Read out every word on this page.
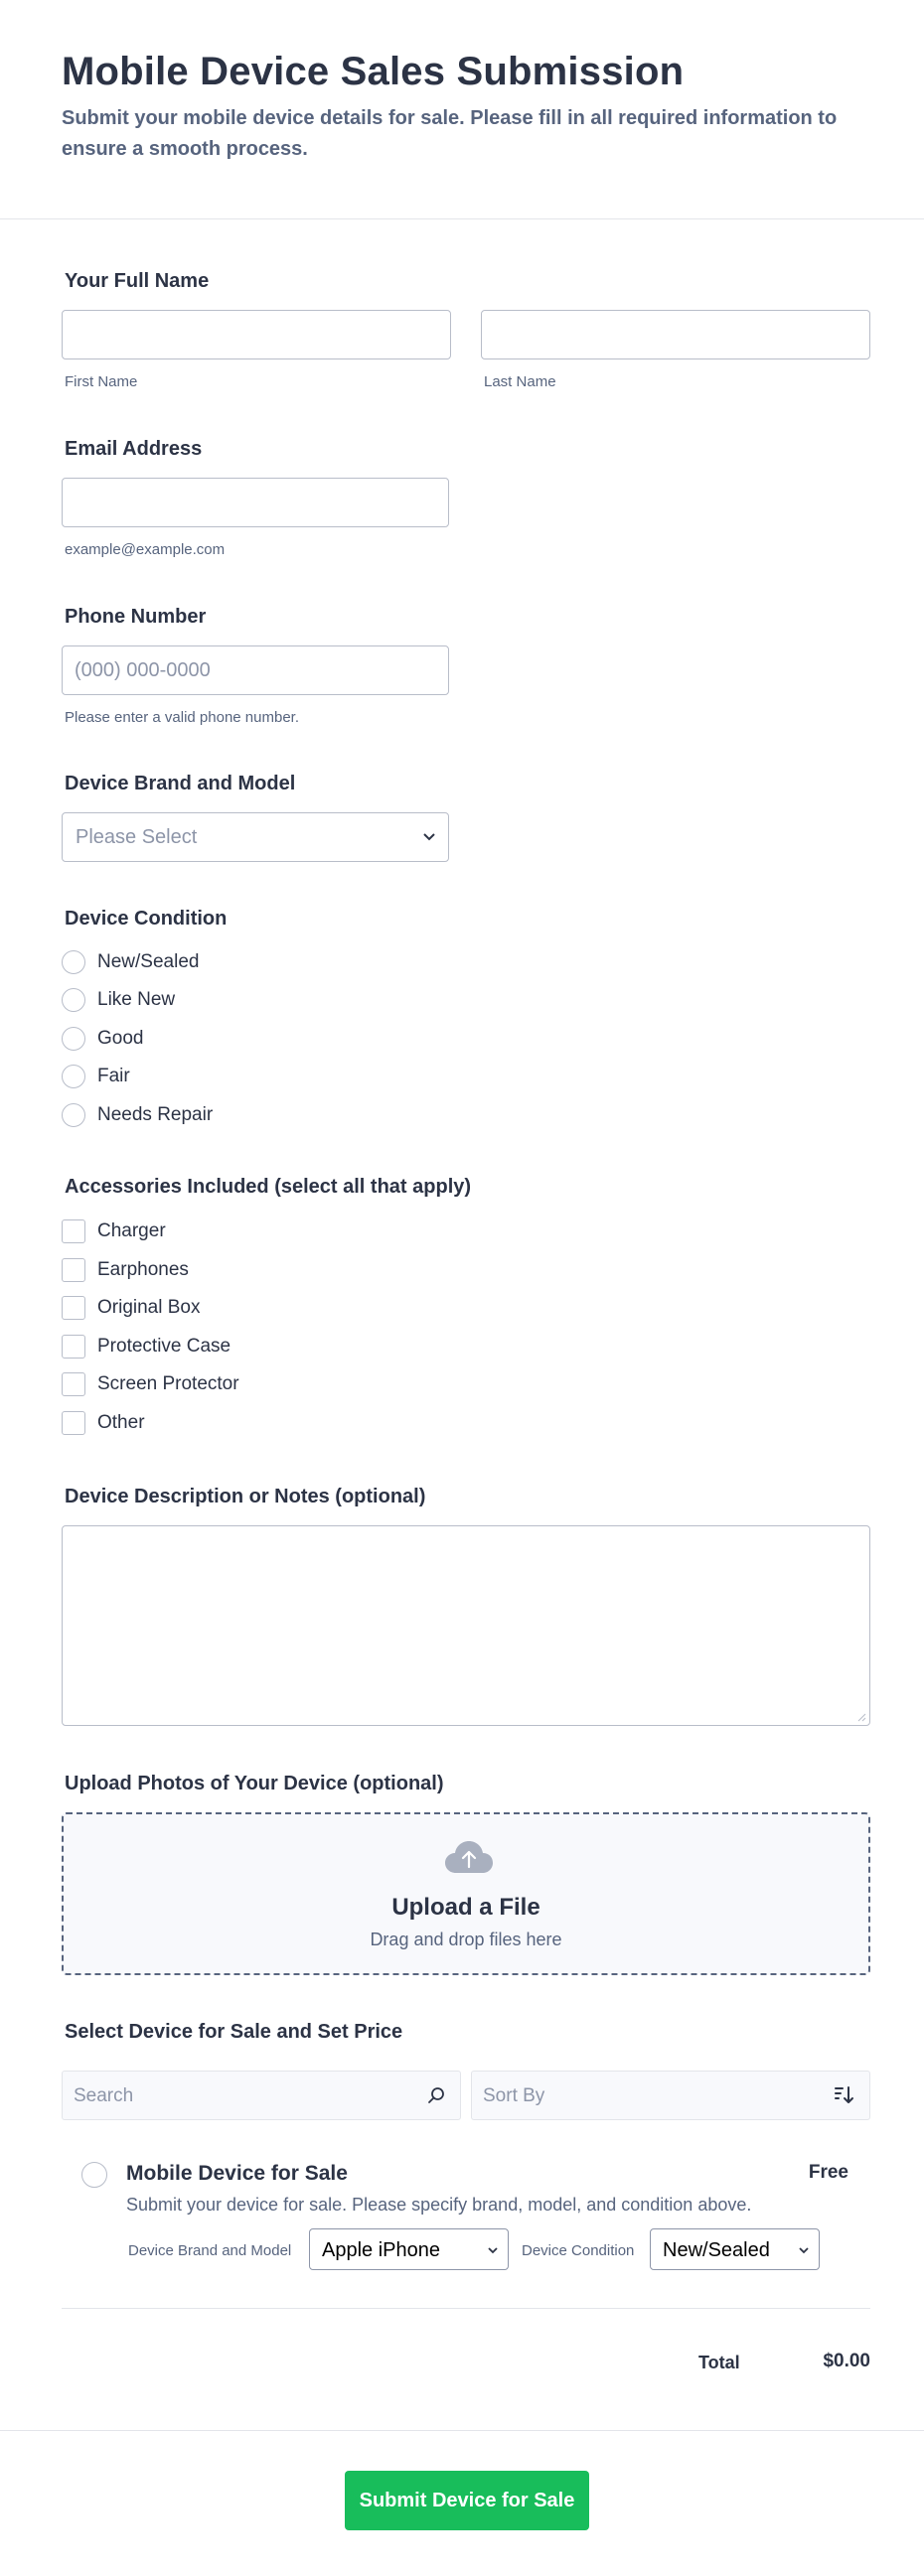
Mobile Device Sales Submission

Submit your mobile device details for sale. Please fill in all required information to ensure a smooth process.

Your Full Name
First Name	Last Name
Email Address
example@example.com
Phone Number
(000) 000-0000
Please enter a valid phone number.
Device Brand and Model
Please Select
Device Condition
New/Sealed
Like New
Good
Fair
Needs Repair
Accessories Included (select all that apply)
Charger
Earphones
Original Box
Protective Case
Screen Protector
Other
Device Description or Notes (optional)
Upload Photos of Your Device (optional)
Upload a File
Drag and drop files here
Select Device for Sale and Set Price
Search	Sort By
Mobile Device for Sale	Free
Submit your device for sale. Please specify brand, model, and condition above.
Device Brand and Model Apple iPhone	Device Condition New/Sealed
Total	$0.00
Submit Device for Sale
